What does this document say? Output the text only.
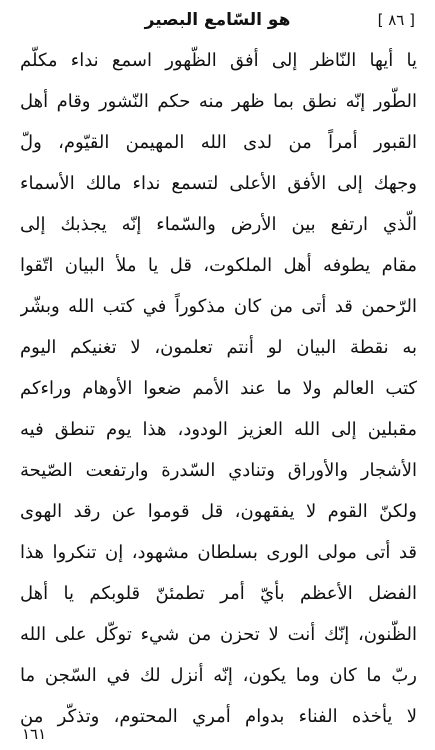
[ ٨٦ ]
هو السّامع البصير
يا أيها النّاظر إلى أفق الظّهور اسمع نداء مكلّم
الطّور إنّه نطق بما ظهر منه حكم النّشور وقام أهل
القبور أمراً من لدى الله المهيمن القيّوم، ولّ
وجهك إلى الأفق الأعلى لتسمع نداء مالك الأسماء
الّذي ارتفع بين الأرض والسّماء إنّه يجذبك إلى
مقام يطوفه أهل الملكوت، قل يا ملأ البيان اتّقوا
الرّحمن قد أتى من كان مذكوراً في كتب الله وبشّر
به نقطة البيان لو أنتم تعلمون، لا تغنيكم اليوم
كتب العالم ولا ما عند الأمم ضعوا الأوهام وراءكم
مقبلين إلى الله العزيز الودود، هذا يوم تنطق فيه
الأشجار والأوراق وتنادي السّدرة وارتفعت الصّيحة
ولكنّ القوم لا يفقهون، قل قوموا عن رقد الهوى
قد أتى مولى الورى بسلطان مشهود، إن تنكروا هذا
الفضل الأعظم بأيّ أمر تطمئنّ قلوبكم يا أهل
الظّنون، إنّك أنت لا تحزن من شيء توكّل على الله
ربّ ما كان وما يكون، إنّه أنزل لك في السّجن ما
لا يأخذه الفناء بدوام أمري المحتوم، وتذكّر من
١٦١
